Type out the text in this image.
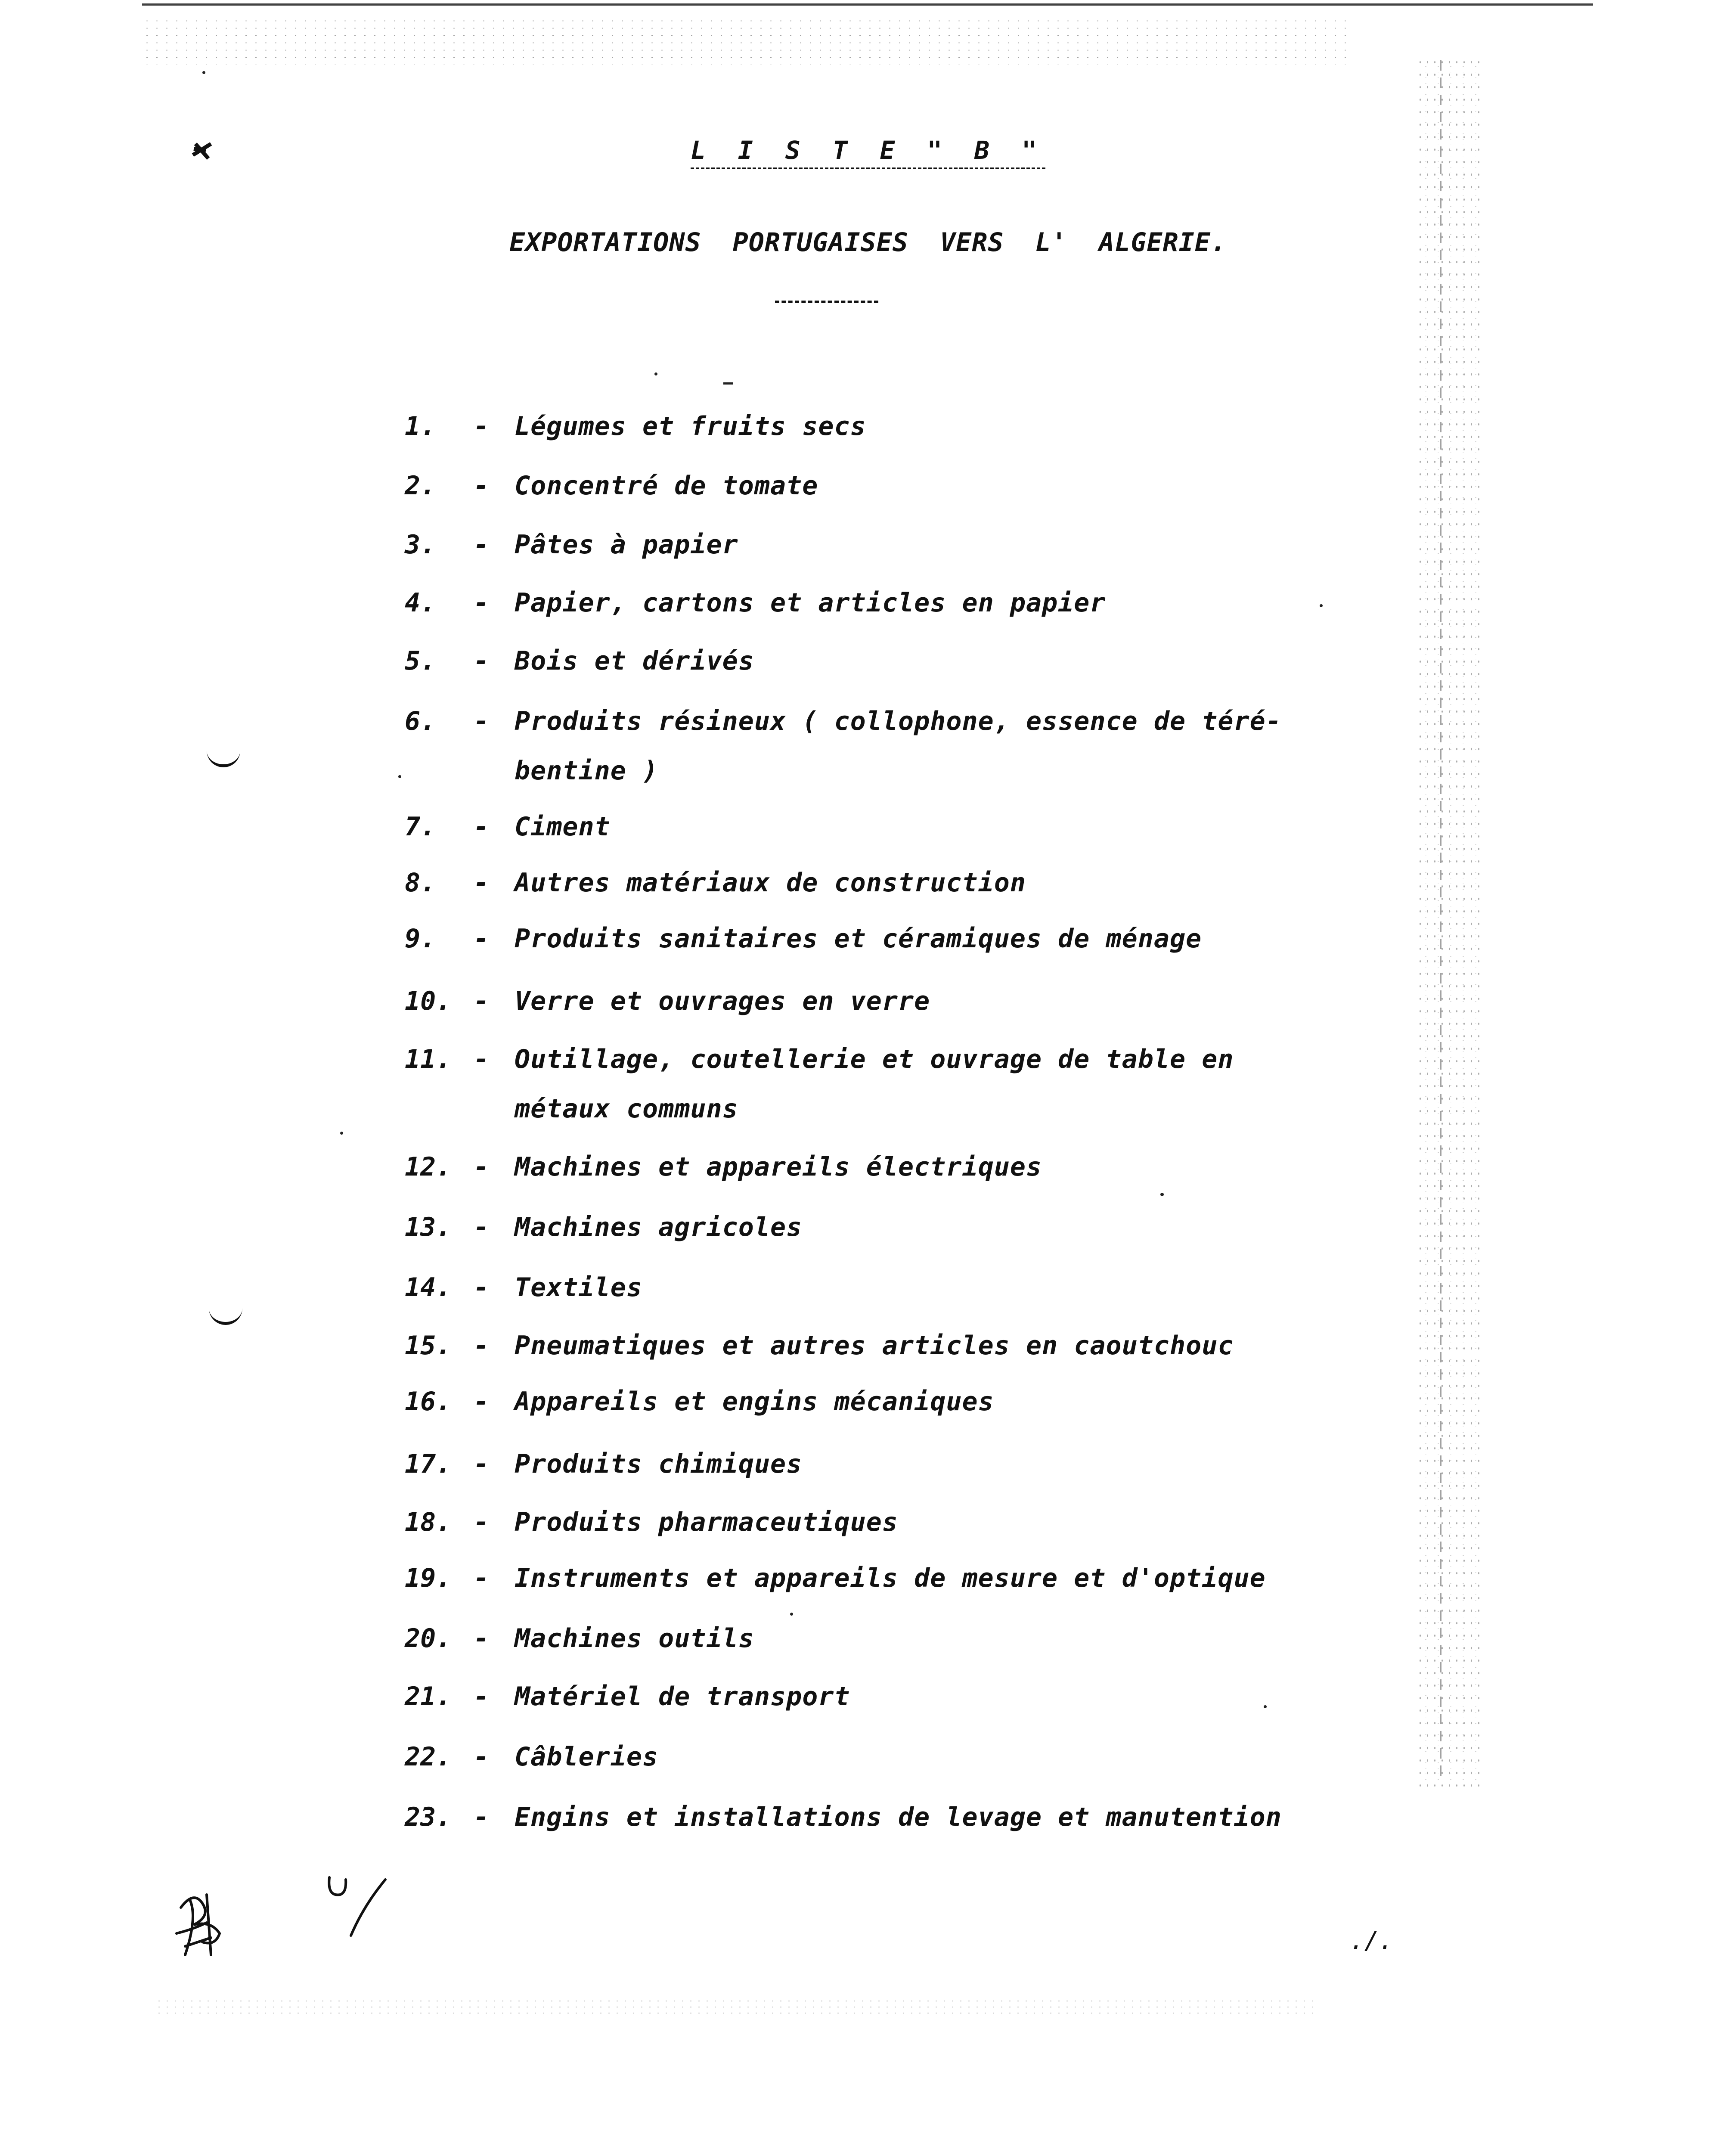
L I S T E " B "
EXPORTATIONS PORTUGAISES VERS L' ALGERIE.
1.	- Légumes et fruits secs
2.	- Concentré de tomate
3.	- Pâtes à papier
4.	- Papier, cartons et articles en papier
5.	- Bois et dérivés
6.	- Produits résineux ( collophone, essence de téré-
bentine )
7.	- Ciment
8.	- Autres matériaux de construction
9.	- Produits sanitaires et céramiques de ménage
10. - Verre et ouvrages en verre
11. - Outillage, coutellerie et ouvrage de table en
métaux communs
12. - Machines et appareils électriques
13. - Machines agricoles
14. - Textiles
15. - Pneumatiques et autres articles en caoutchouc
16. - Appareils et engins mécaniques
17. - Produits chimiques
18. - Produits pharmaceutiques
19. - Instruments et appareils de mesure et d'optique
20. - Machines outils
21. - Matériel de transport
22. - Câbleries
23. - Engins et installations de levage et manutention
./.
